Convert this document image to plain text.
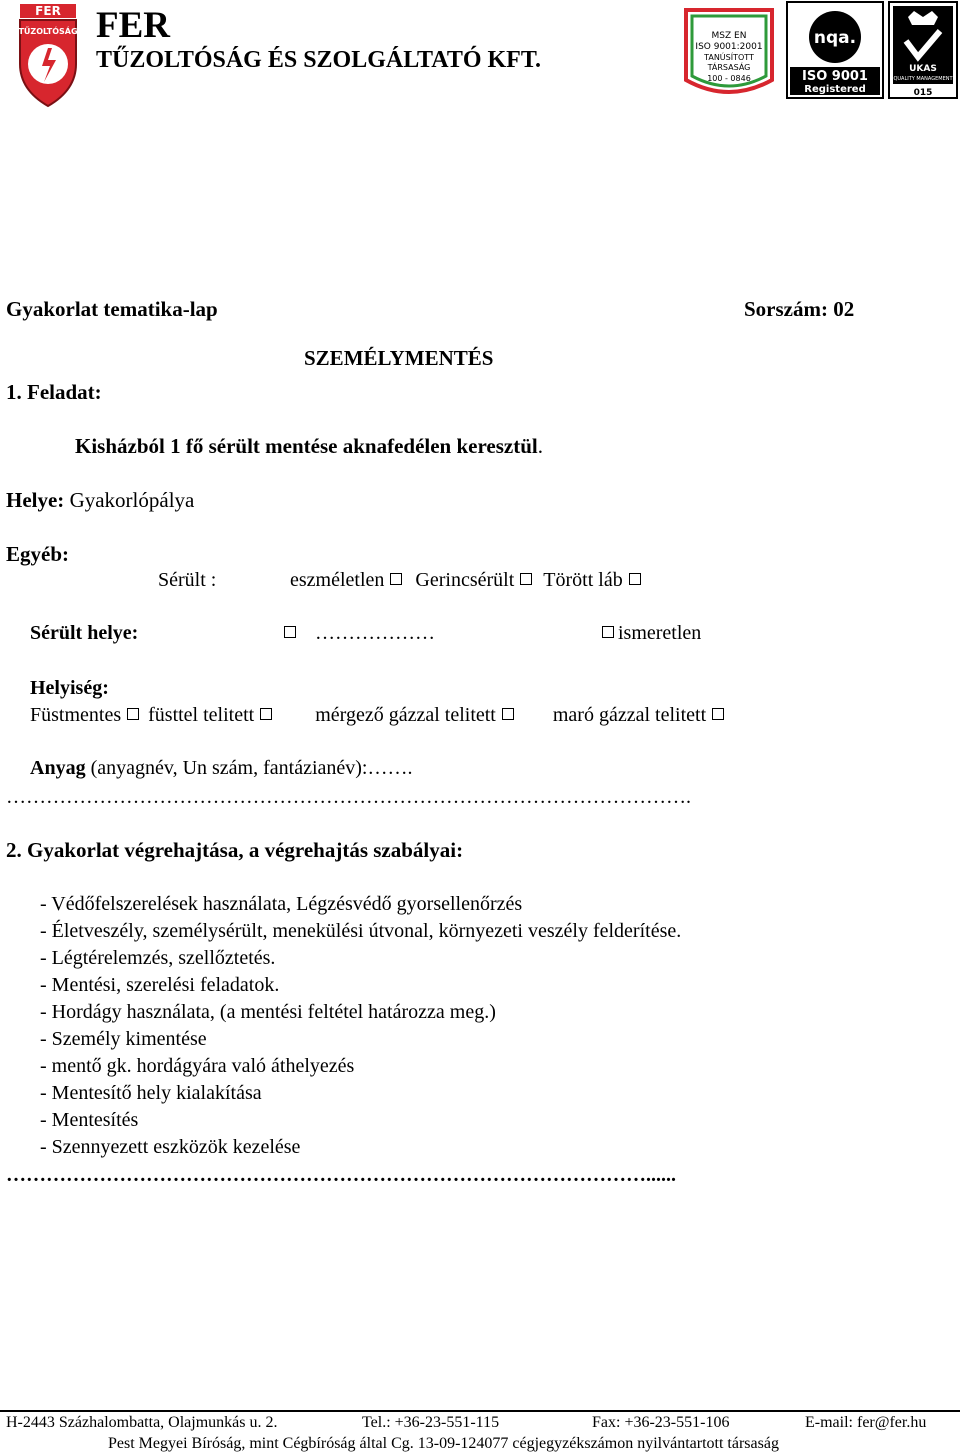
FER
TŰZOLTÓSÁG FER
TŰZOLTÓSÁG ÉS SZOLGÁLTATÓ KFT.
MSZ EN
ISO 9001:2001
TANÚSÍTOTT
TÁRSASÁG
100 - 0846
nqa.
ISO 9001
Registered
UKAS
QUALITY MANAGEMENT
015
Gyakorlat tematika-lap	Sorszám: 02
SZEMÉLYMENTÉS
1. Feladat:
Kisházból 1 fő sérült mentése aknafedélen keresztül.
Helye: Gyakorlópálya
Egyéb:
Sérült :	eszméletlen Gerincsérült Törött láb
Sérült helye:	………………	ismeretlen
Helyiség:
Füstmentes füsttel telitett	mérgező gázzal telitett	maró gázzal telitett
Anyag (anyagnév, Un szám, fantázianév):…….
………………………………………………………………………………………….
2. Gyakorlat végrehajtása, a végrehajtás szabályai:
- Védőfelszerelések használata, Légzésvédő gyorsellenőrzés
- Életveszély, személysérült, menekülési útvonal, környezeti veszély felderítése.
- Légtérelemzés, szellőztetés.
- Mentési, szerelési feladatok.
- Hordágy használata, (a mentési feltétel határozza meg.)
- Személy kimentése
- mentő gk. hordágyára való áthelyezés
- Mentesítő hely kialakítása
- Mentesítés
- Szennyezett eszközök kezelése
……………………………………………………………………………………......
H-2443 Százhalombatta, Olajmunkás u. 2.	Tel.: +36-23-551-115	Fax: +36-23-551-106	E-mail: fer@fer.hu
Pest Megyei Bíróság, mint Cégbíróság által Cg. 13-09-124077 cégjegyzékszámon nyilvántartott társaság
